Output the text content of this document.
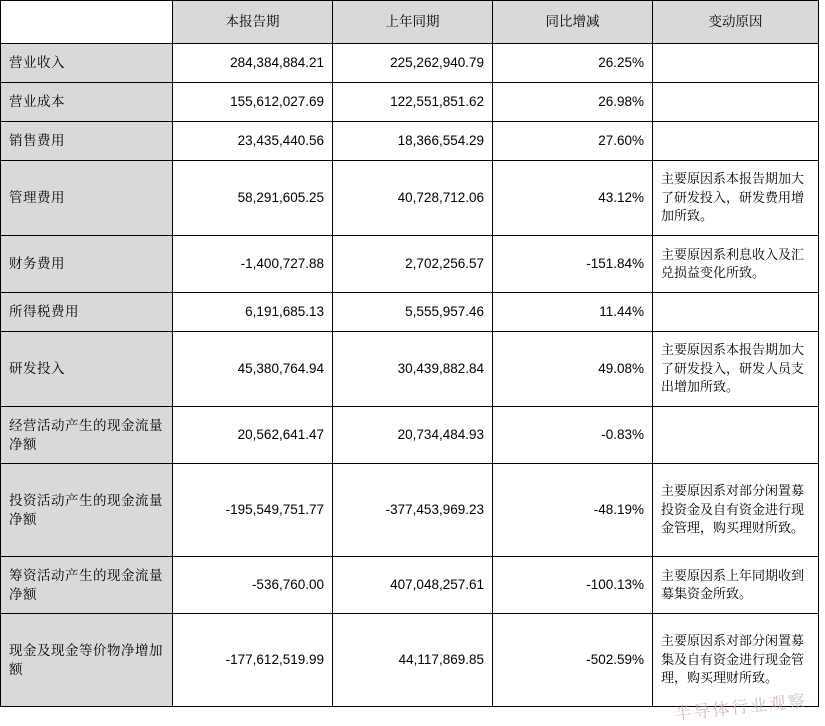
	本报告期	上年同期	同比增减	变动原因
营业收入	284,384,884.21	225,262,940.79	26.25%	
营业成本	155,612,027.69	122,551,851.62	26.98%	
销售费用	23,435,440.56	18,366,554.29	27.60%	
管理费用	58,291,605.25	40,728,712.06	43.12%	主要原因系本报告期加大了研发投入，研发费用增加所致。
财务费用	-1,400,727.88	2,702,256.57	-151.84%	主要原因系利息收入及汇兑损益变化所致。
所得税费用	6,191,685.13	5,555,957.46	11.44%	
研发投入	45,380,764.94	30,439,882.84	49.08%	主要原因系本报告期加大了研发投入，研发人员支出增加所致。
经营活动产生的现金流量净额	20,562,641.47	20,734,484.93	-0.83%	
投资活动产生的现金流量净额	-195,549,751.77	-377,453,969.23	-48.19%	主要原因系对部分闲置募投资金及自有资金进行现金管理，购买理财所致。
筹资活动产生的现金流量净额	-536,760.00	407,048,257.61	-100.13%	主要原因系上年同期收到募集资金所致。
现金及现金等价物净增加额	-177,612,519.99	44,117,869.85	-502.59%	主要原因系对部分闲置募集及自有资金进行现金管理，购买理财所致。
半导体行业观察
